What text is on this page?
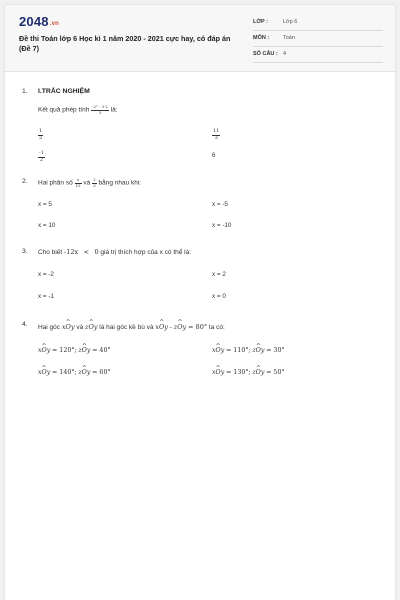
2048.vn
Đề thi Toán lớp 6 Học kì 1 năm 2020 - 2021 cực hay, có đáp án (Đề 7)
LỚP :	Lớp 6
MÔN :	Toán
SỐ CÂU : 4
1. I.TRẮC NGHIỆM
Kết quả phép tính $\frac{\text{-2² · 3·2}}{3}$ là:
$\frac{1}{2}$	$\frac{11}{3}$
$\frac{-1}{2}$	6
2. Hai phân số $\frac{x}{15}$ và $\frac{2}{3}$ bằng nhau khi:
x = 5	x = -5
x = 10	x = -10
3. Cho biết -12x < 0 giá trị thích hợp của x có thể là:
x = -2	x = 2
x = -1	x = 0
4. Hai góc ^ xOy và ^ zOy là hai góc kề bù và ^ xOy - ^ zOy = 80° ta có:
^ xOy = 120°; ^ zOy = 40°	^ xOy = 110°; ^ zOy = 30°
^ xOy = 140°; ^ zOy = 60°	^ xOy = 130°; ^ zOy = 50°
